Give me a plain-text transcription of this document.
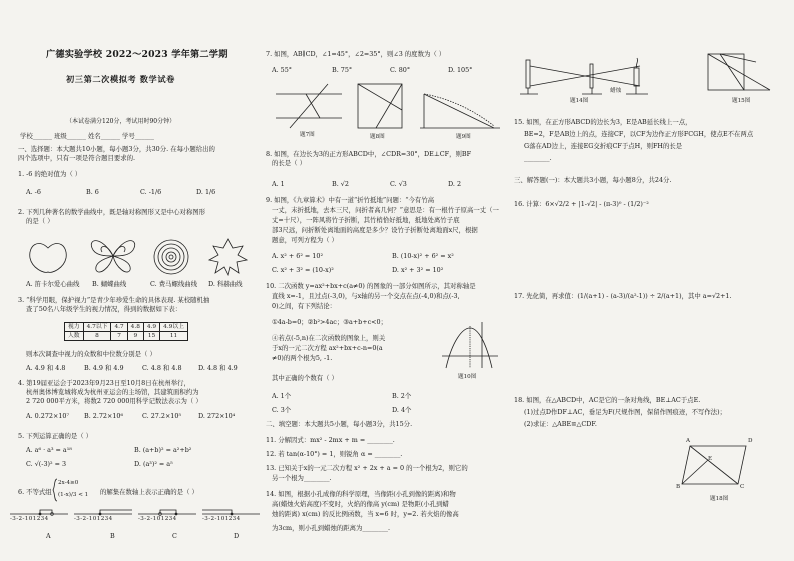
广德实验学校 2022～2023 学年第二学期
初三第二次模拟考 数学试卷
（本试卷满分120分，考试用时90分钟）
学校______ 班级______ 姓名______ 学号______
一、选择题：本大题共10小题，每小题3分，共30分. 在每小题给出的
四个选项中，只有一项是符合题目要求的.
1. -6 的绝对值为（ ）
A. -6	B. 6	C. -1/6	D. 1/6
2. 下列几种著名的数学曲线中，既是轴对称图形又是中心对称图形
的是（ ）
A. 笛卡尔爱心曲线 B. 蝴蝶曲线	C. 费马螺线曲线 D. 科赫曲线
3. “科学用眼，保护视力”是青少年珍爱生命的具体表现. 某校随机抽
查了50名八年级学生的视力情况，得到的数据如下表：
视力	4.7以下	4.7	4.8	4.9	4.9以上
人数	8	7	9	15	11
则本次调查中视力的众数和中位数分别是（ ）
A. 4.9 和 4.8	B. 4.9 和 4.9	C. 4.8 和 4.8	D. 4.8 和 4.9
4. 第19届亚运会于2023年9月23日至10月8日在杭州举行，
杭州奥体博览城将成为杭州亚运会的主场馆，其建筑面积约为
2 720 000平方米，将数2 720 000用科学记数法表示为（ ）
A. 0.272×10⁷ B. 2.72×10⁶	C. 27.2×10⁵	D. 272×10⁴
5. 下列运算正确的是（ ）
A. a⁶ · a³ = a¹⁸	B. (a+b)² = a²+b²
C. √(-3)² = 3	D. (a³)² = a⁵
6. 不等式组
2x-4≥0
(1-x)/3 < 1 的解集在数轴上表示正确的是（ ）
-3-2-101234	-3-2-101234	-3-2-101234	-3-2-101234
A	B	C	D
7. 如图，AB∥CD，∠1=45°，∠2=35°，则∠3 的度数为（ ）
A. 55°	B. 75°	C. 80°	D. 105°
题7图	题8图	题9图
8. 如图，在边长为3的正方形ABCD中，∠CDR=30°，DE⊥CF，则BF
的长是（ ）
A. 1	B. √2	C. √3	D. 2
9. 如图，《九章算术》中有一道“折竹抵地”问题：“今有竹高
一丈，末折抵地，去本三尺，问折者高几何？”意思是：有一根竹子原高一丈（一
丈=十尺），一阵风将竹子折断，其竹梢恰好抵地，抵地处离竹子底
部3尺远，问折断处离地面的高度是多少？设竹子折断处离地面x尺，根据
题意，可列方程为（ ）
A. x² + 6² = 10²	B. (10-x)² + 6² = x²
C. x² + 3² = (10-x)²	D. x² + 3² = 10²
10. 二次函数 y=ax²+bx+c(a≠0) 的图象的一部分如图所示，其对称轴是
直线 x=-1，且过点(-3,0)，与x轴的另一个交点在点(-4,0)和点(-3,
0)之间，有下列结论：
①4a-b=0；②b²>4ac；③a+b+c<0；
④若点(-5,n)在二次函数的图象上，则关
于x的一元二次方程 ax²+bx+c-n=0(a
≠0)的两个根为5, -1.
其中正确的个数有（ ）	题10图
A. 1个	B. 2个
C. 3个	D. 4个
二、填空题：本大题共5小题，每小题3分，共15分.
11. 分解因式：mx² - 2mx + m = ________.
12. 若 tan(α-10°) = 1，则锐角 α = ________.
13. 已知关于x的一元二次方程 x² + 2x + a = 0 的一个根为2，则它的
另一个根为________.
14. 如图，根据小孔成像的科学原理，当像距(小孔到像的距离)和物
高(蜡烛火焰高度)不变时，火焰的像高 y(cm) 是物距(小孔到蜡
烛的距离) x(cm) 的反比例函数，当 x=6 时，y=2. 若火焰的像高
为3cm，则小孔到蜡烛的距离为________.
蜡烛
题14图	题15图
15. 如图，在正方形ABCD的边长为3，E是AB延长线上一点，
BE=2，F是AB边上的点，连接CF，以CF为边作正方形FCGH，使点E不在两点
G落在AD边上，连接EG交折痕CF于点H，则FH的长是
________.
三、解答题(一)：本大题共3小题，每小题8分，共24分.
16. 计算：6×√2/2 + |1-√2| - (π-3)⁰ - (1/2)⁻²
17. 先化简，再求值：(1/(a+1) - (a-3)/(a²-1)) ÷ 2/(a+1)，其中 a=√2+1.
18. 如图，在△ABCD中，AC是它的一条对角线，BE⊥AC于点E.
(1)过点D作DF⊥AC，垂足为F(尺规作图，保留作图痕迹，不写作法)；
(2)求证：△ABE≌△CDF.
A
B	C
D
E
题18图
